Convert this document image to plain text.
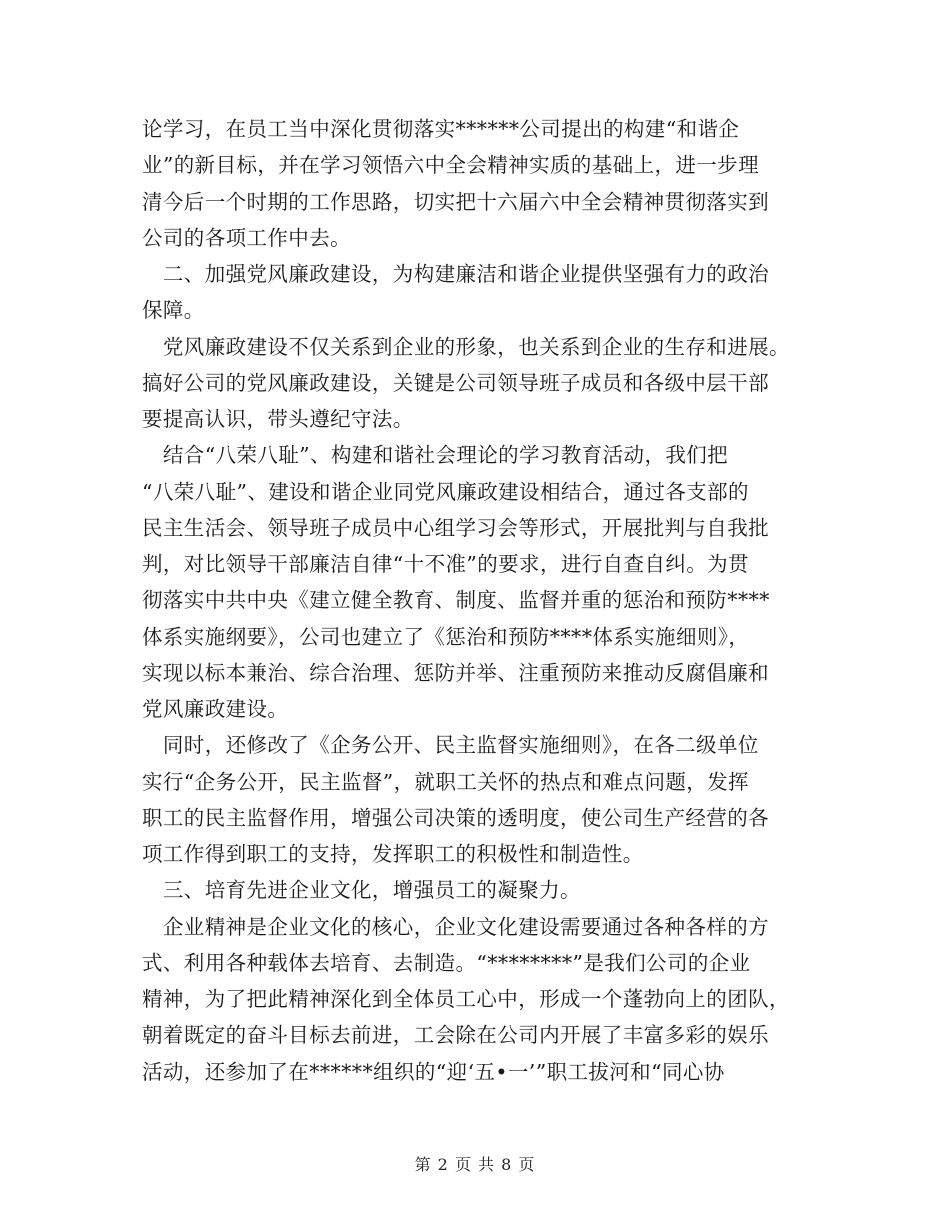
论学习，在员工当中深化贯彻落实******公司提出的构建“和谐企
业”的新目标，并在学习领悟六中全会精神实质的基础上，进一步理
清今后一个时期的工作思路，切实把十六届六中全会精神贯彻落实到
公司的各项工作中去。
　二、加强党风廉政建设，为构建廉洁和谐企业提供坚强有力的政治
保障。
　党风廉政建设不仅关系到企业的形象，也关系到企业的生存和进展。
搞好公司的党风廉政建设，关键是公司领导班子成员和各级中层干部
要提高认识，带头遵纪守法。
　结合“八荣八耻”、构建和谐社会理论的学习教育活动，我们把
“八荣八耻”、建设和谐企业同党风廉政建设相结合，通过各支部的
民主生活会、领导班子成员中心组学习会等形式，开展批判与自我批
判，对比领导干部廉洁自律“十不准”的要求，进行自查自纠。为贯
彻落实中共中央《建立健全教育、制度、监督并重的惩治和预防****
体系实施纲要》，公司也建立了《惩治和预防****体系实施细则》，
实现以标本兼治、综合治理、惩防并举、注重预防来推动反腐倡廉和
党风廉政建设。
　同时，还修改了《企务公开、民主监督实施细则》，在各二级单位
实行“企务公开，民主监督”，就职工关怀的热点和难点问题，发挥
职工的民主监督作用，增强公司决策的透明度，使公司生产经营的各
项工作得到职工的支持，发挥职工的积极性和制造性。
　三、培育先进企业文化，增强员工的凝聚力。
　企业精神是企业文化的核心，企业文化建设需要通过各种各样的方
式、利用各种载体去培育、去制造。“********”是我们公司的企业
精神，为了把此精神深化到全体员工心中，形成一个蓬勃向上的团队，
朝着既定的奋斗目标去前进，工会除在公司内开展了丰富多彩的娱乐
活动，还参加了在******组织的“迎‘五•一’”职工拔河和“同心协
第 2 页 共 8 页
